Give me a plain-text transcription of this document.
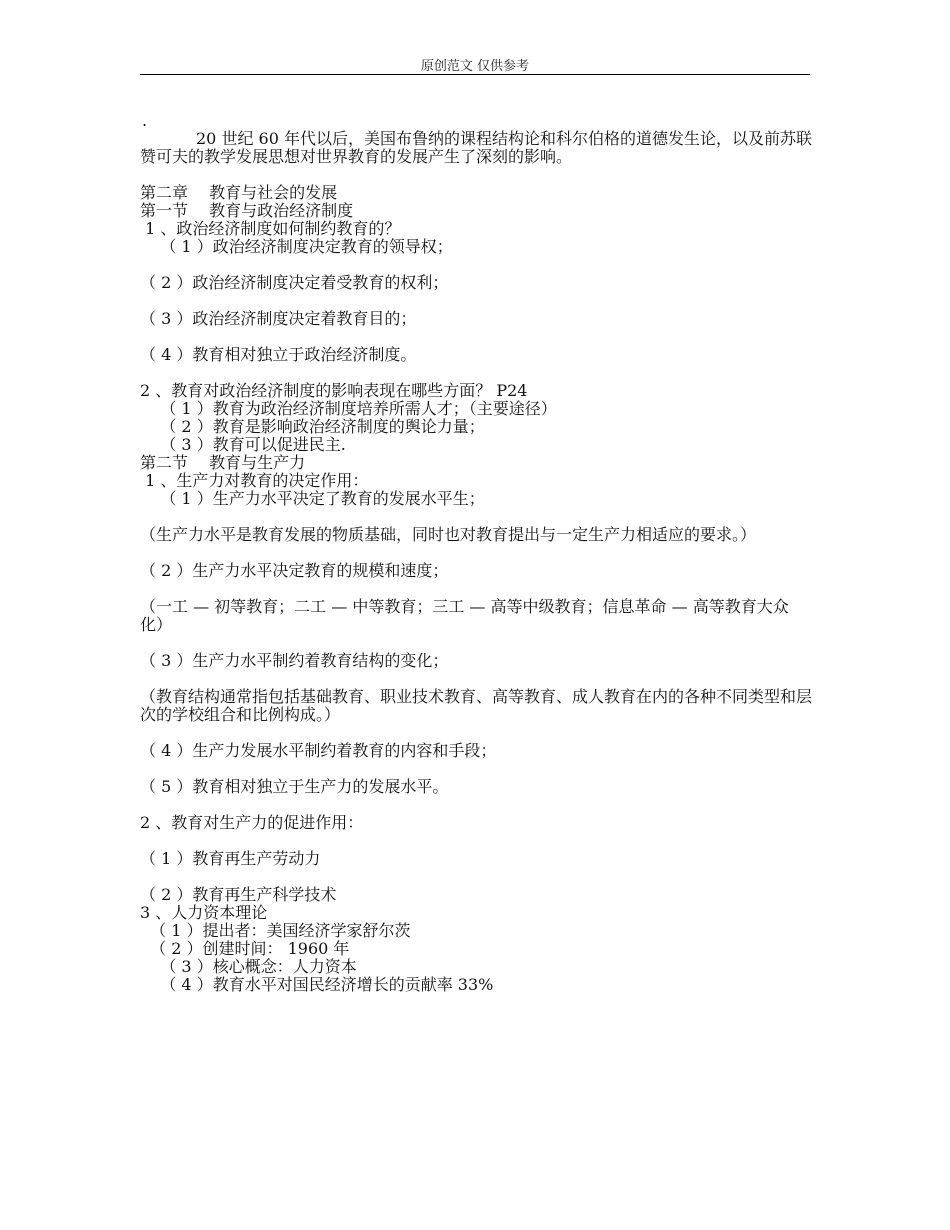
原创范文 仅供参考
.
20 世纪 60 年代以后，美国布鲁纳的课程结构论和科尔伯格的道德发生论，以及前苏联赞可夫的教学发展思想对世界教育的发展产生了深刻的影响。
第二章　 教育与社会的发展
第一节　 教育与政治经济制度
1 、政治经济制度如何制约教育的？
（ 1 ）政治经济制度决定教育的领导权；
（ 2 ）政治经济制度决定着受教育的权利；
（ 3 ）政治经济制度决定着教育目的；
（ 4 ）教育相对独立于政治经济制度。
2 、教育对政治经济制度的影响表现在哪些方面？ P24
（ 1 ）教育为政治经济制度培养所需人才；（主要途径）
（ 2 ）教育是影响政治经济制度的舆论力量；
（ 3 ）教育可以促进民主.
第二节　 教育与生产力
1 、生产力对教育的决定作用：
（ 1 ）生产力水平决定了教育的发展水平生；
（生产力水平是教育发展的物质基础，同时也对教育提出与一定生产力相适应的要求。）
（ 2 ）生产力水平决定教育的规模和速度；
（一工 — 初等教育；二工 — 中等教育；三工 — 高等中级教育；信息革命 — 高等教育大众化）
（ 3 ）生产力水平制约着教育结构的变化；
（教育结构通常指包括基础教育、职业技术教育、高等教育、成人教育在内的各种不同类型和层次的学校组合和比例构成。）
（ 4 ）生产力发展水平制约着教育的内容和手段；
（ 5 ）教育相对独立于生产力的发展水平。
2 、教育对生产力的促进作用：
（ 1 ）教育再生产劳动力
（ 2 ）教育再生产科学技术
3 、人力资本理论
（ 1 ）提出者：美国经济学家舒尔茨
（ 2 ）创建时间： 1960 年
（ 3 ）核心概念：人力资本
（ 4 ）教育水平对国民经济增长的贡献率 33%
